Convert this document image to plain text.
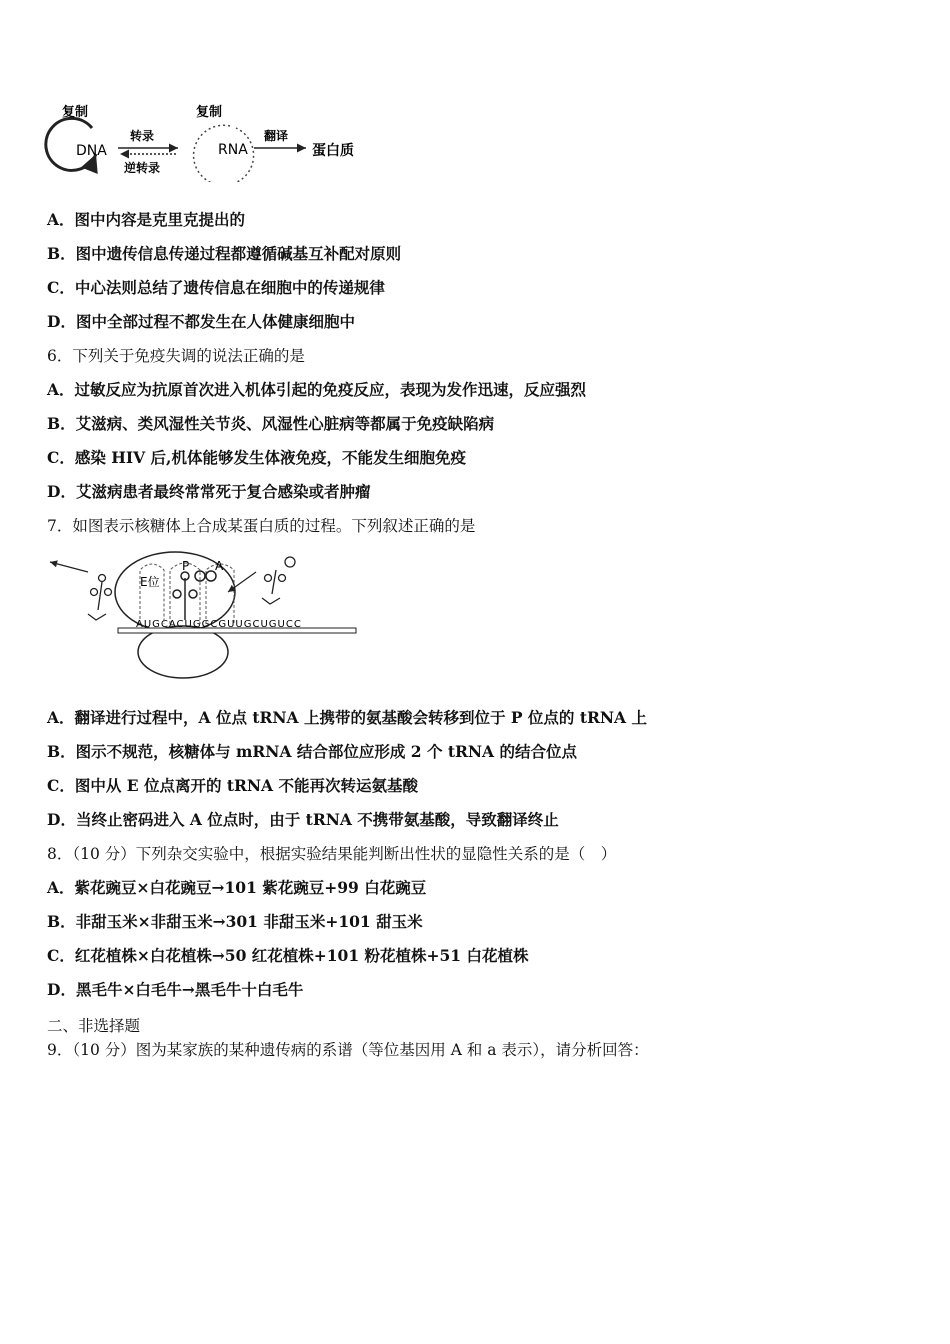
复制
DNA
转录
逆转录
复制
RNA
翻译
蛋白质
A．图中内容是克里克提出的
B．图中遗传信息传递过程都遵循碱基互补配对原则
C．中心法则总结了遗传信息在细胞中的传递规律
D．图中全部过程不都发生在人体健康细胞中
6．下列关于免疫失调的说法正确的是
A．过敏反应为抗原首次进入机体引起的免疫反应，表现为发作迅速，反应强烈
B．艾滋病、类风湿性关节炎、风湿性心脏病等都属于免疫缺陷病
C．感染 HIV 后,机体能够发生体液免疫，不能发生细胞免疫
D．艾滋病患者最终常常死于复合感染或者肿瘤
7．如图表示核糖体上合成某蛋白质的过程。下列叙述正确的是
AUGCACUGGCGUUGCUGUCC
E位
P A
A．翻译进行过程中，A 位点 tRNA 上携带的氨基酸会转移到位于 P 位点的 tRNA 上
B．图示不规范，核糖体与 mRNA 结合部位应形成 2 个 tRNA 的结合位点
C．图中从 E 位点离开的 tRNA 不能再次转运氨基酸
D．当终止密码进入 A 位点时，由于 tRNA 不携带氨基酸，导致翻译终止
8．（10 分）下列杂交实验中，根据实验结果能判断出性状的显隐性关系的是（　）
A．紫花豌豆×白花豌豆→101 紫花豌豆+99 白花豌豆
B．非甜玉米×非甜玉米→301 非甜玉米+101 甜玉米
C．红花植株×白花植株→50 红花植株+101 粉花植株+51 白花植株
D．黑毛牛×白毛牛→黑毛牛十白毛牛
二、非选择题
9．（10 分）图为某家族的某种遗传病的系谱（等位基因用 A 和 a 表示），请分析回答：
